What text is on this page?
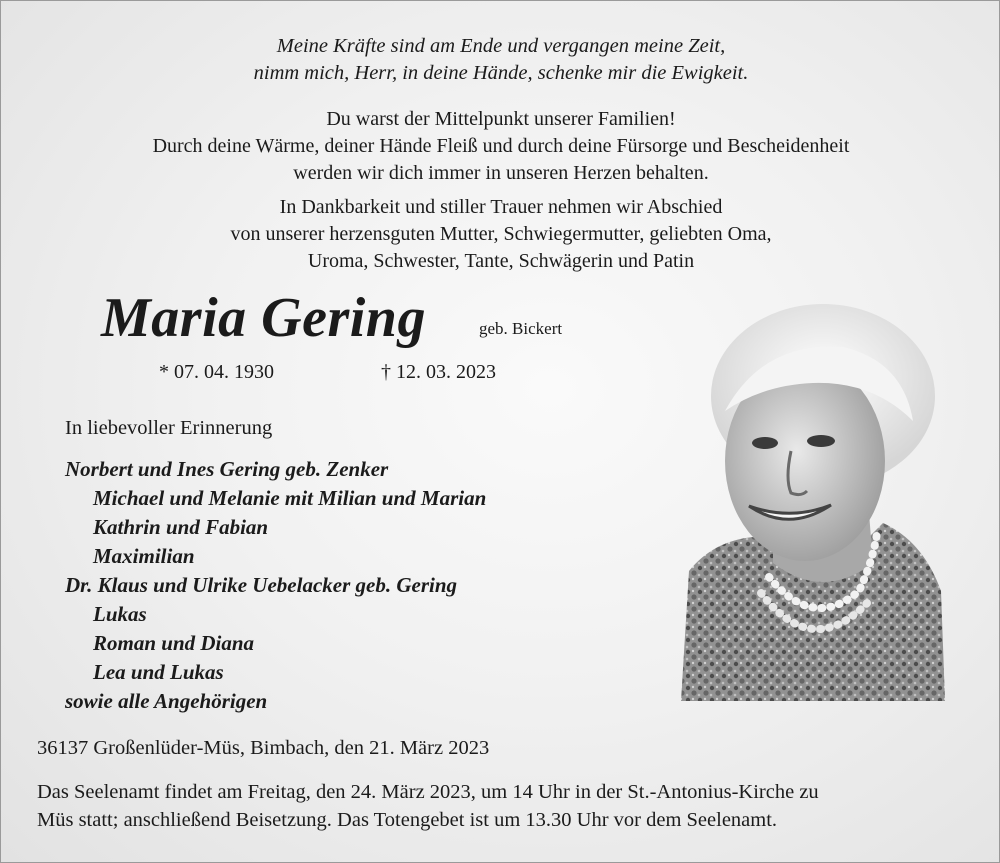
Meine Kräfte sind am Ende und vergangen meine Zeit,
nimm mich, Herr, in deine Hände, schenke mir die Ewigkeit.
Du warst der Mittelpunkt unserer Familien!
Durch deine Wärme, deiner Hände Fleiß und durch deine Fürsorge und Bescheidenheit
werden wir dich immer in unseren Herzen behalten.
In Dankbarkeit und stiller Trauer nehmen wir Abschied
von unserer herzensguten Mutter, Schwiegermutter, geliebten Oma,
Uroma, Schwester, Tante, Schwägerin und Patin
Maria Gering	geb. Bickert
* 07. 04. 1930	† 12. 03. 2023
In liebevoller Erinnerung
Norbert und Ines Gering geb. Zenker
Michael und Melanie mit Milian und Marian
Kathrin und Fabian
Maximilian
Dr. Klaus und Ulrike Uebelacker geb. Gering
Lukas
Roman und Diana
Lea und Lukas
sowie alle Angehörigen
36137 Großenlüder-Müs, Bimbach, den 21. März 2023
Das Seelenamt findet am Freitag, den 24. März 2023, um 14 Uhr in der St.-Antonius-Kirche zu
Müs statt; anschließend Beisetzung. Das Totengebet ist um 13.30 Uhr vor dem Seelenamt.
